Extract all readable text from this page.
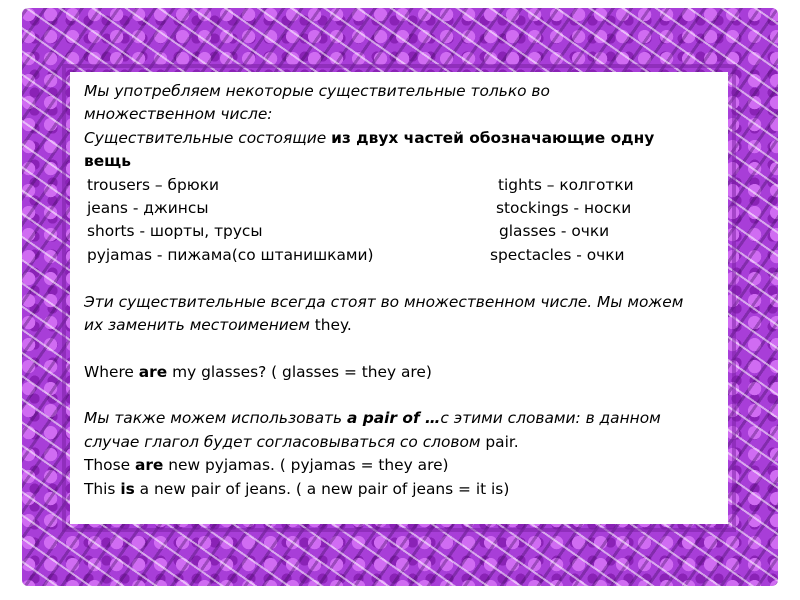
Мы употребляем некоторые существительные только во
множественном числе:
Существительные состоящие из двух частей обозначающие одну
вещь
trousers – брюки	tights – колготки
jeans - джинсы	stockings - носки
shorts - шорты, трусы	glasses - очки
pyjamas - пижама(со штанишками)	spectacles - очки
Эти существительные всегда стоят во множественном числе. Мы можем
их заменить местоимением they.
Where are my glasses? ( glasses = they are)
Мы также можем использовать a pair of …с этими словами: в данном
случае глагол будет согласовываться со словом pair.
Those are new pyjamas. ( pyjamas = they are)
This is a new pair of jeans. ( a new pair of jeans = it is)
